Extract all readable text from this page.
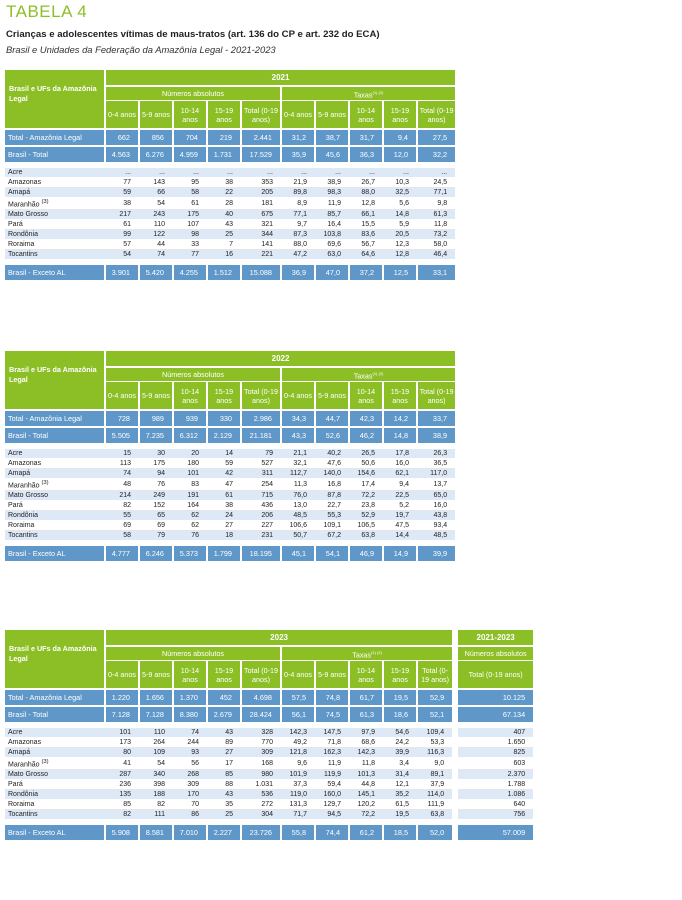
TABELA 4
Crianças e adolescentes vítimas de maus-tratos (art. 136 do CP e art. 232 do ECA)
Brasil e Unidades da Federação da Amazônia Legal - 2021-2023
Brasil e UFs da Amazônia Legal	2021									
	Números absolutos					Taxas$^{(1) (2)}$
	0-4 anos	5-9 anos	10-14 anos	15-19 anos	Total (0-19 anos)	0-4 anos	5-9 anos	10-14 anos	15-19 anos	Total (0-19 anos)
Total - Amazônia Legal	662	856	704	219	2.441	31,2	38,7	31,7	9,4	27,5
Brasil - Total	4.563	6.276	4.959	1.731	17.529	35,9	45,6	36,3	12,0	32,2

Acre	...	...	...	...	...	...	...	...	...	...
Amazonas	77	143	95	38	353	21,9	38,9	26,7	10,3	24,5
Amapá	59	66	58	22	205	89,8	98,3	88,0	32,5	77,1
Maranhão $^{(3)}$	38	54	61	28	181	8,9	11,9	12,8	5,6	9,8
Mato Grosso	217	243	175	40	675	77,1	85,7	66,1	14,8	61,3
Pará	61	110	107	43	321	9,7	16,4	15,5	5,9	11,8
Rondônia	99	122	98	25	344	87,3	103,8	83,6	20,5	73,2
Roraima	57	44	33	7	141	88,0	69,6	56,7	12,3	58,0
Tocantins	54	74	77	16	221	47,2	63,0	64,6	12,8	46,4

Brasil - Exceto AL	3.901	5.420	4.255	1.512	15.088	36,9	47,0	37,2	12,5	33,1
Brasil e UFs da Amazônia Legal	2022									
	Números absolutos					Taxas$^{(1) (2)}$
	0-4 anos	5-9 anos	10-14 anos	15-19 anos	Total (0-19 anos)	0-4 anos	5-9 anos	10-14 anos	15-19 anos	Total (0-19 anos)
Total - Amazônia Legal	728	989	939	330	2.986	34,3	44,7	42,3	14,2	33,7
Brasil - Total	5.505	7.235	6.312	2.129	21.181	43,3	52,6	46,2	14,8	38,9

Acre	15	30	20	14	79	21,1	40,2	26,5	17,8	26,3
Amazonas	113	175	180	59	527	32,1	47,6	50,6	16,0	36,5
Amapá	74	94	101	42	311	112,7	140,0	154,6	62,1	117,0
Maranhão $^{(3)}$	48	76	83	47	254	11,3	16,8	17,4	9,4	13,7
Mato Grosso	214	249	191	61	715	76,0	87,8	72,2	22,5	65,0
Pará	82	152	164	38	436	13,0	22,7	23,8	5,2	16,0
Rondônia	55	65	62	24	206	48,5	55,3	52,9	19,7	43,8
Roraima	69	69	62	27	227	106,6	109,1	106,5	47,5	93,4
Tocantins	58	79	76	18	231	50,7	67,2	63,8	14,4	48,5

Brasil - Exceto AL	4.777	6.246	5.373	1.799	18.195	45,1	54,1	46,9	14,9	39,9
Brasil e UFs da Amazônia Legal	2023										2021-2023
	Números absolutos					Taxas$^{(1) (2)}$					Números absolutos
	0-4 anos	5-9 anos	10-14 anos	15-19 anos	Total (0-19 anos)	0-4 anos	5-9 anos	10-14 anos	15-19 anos	Total (0-19 anos)	Total (0-19 anos)
Total - Amazônia Legal	1.220	1.656	1.370	452	4.698	57,5	74,8	61,7	19,5	52,9	10.125
Brasil - Total	7.128	7.128	8.380	2.679	28.424	56,1	74,5	61,3	18,6	52,1	67.134

Acre	101	110	74	43	328	142,3	147,5	97,9	54,6	109,4	407
Amazonas	173	264	244	89	770	49,2	71,8	68,6	24,2	53,3	1.650
Amapá	80	109	93	27	309	121,8	162,3	142,3	39,9	116,3	825
Maranhão $^{(3)}$	41	54	56	17	168	9,6	11,9	11,8	3,4	9,0	603
Mato Grosso	287	340	268	85	980	101,9	119,9	101,3	31,4	89,1	2.370
Pará	236	398	309	88	1.031	37,3	59,4	44,8	12,1	37,9	1.788
Rondônia	135	188	170	43	536	119,0	160,0	145,1	35,2	114,0	1.086
Roraima	85	82	70	35	272	131,3	129,7	120,2	61,5	111,9	640
Tocantins	82	111	86	25	304	71,7	94,5	72,2	19,5	63,8	756

Brasil - Exceto AL	5.908	8.581	7.010	2.227	23.726	55,8	74,4	61,2	18,5	52,0	57.009
